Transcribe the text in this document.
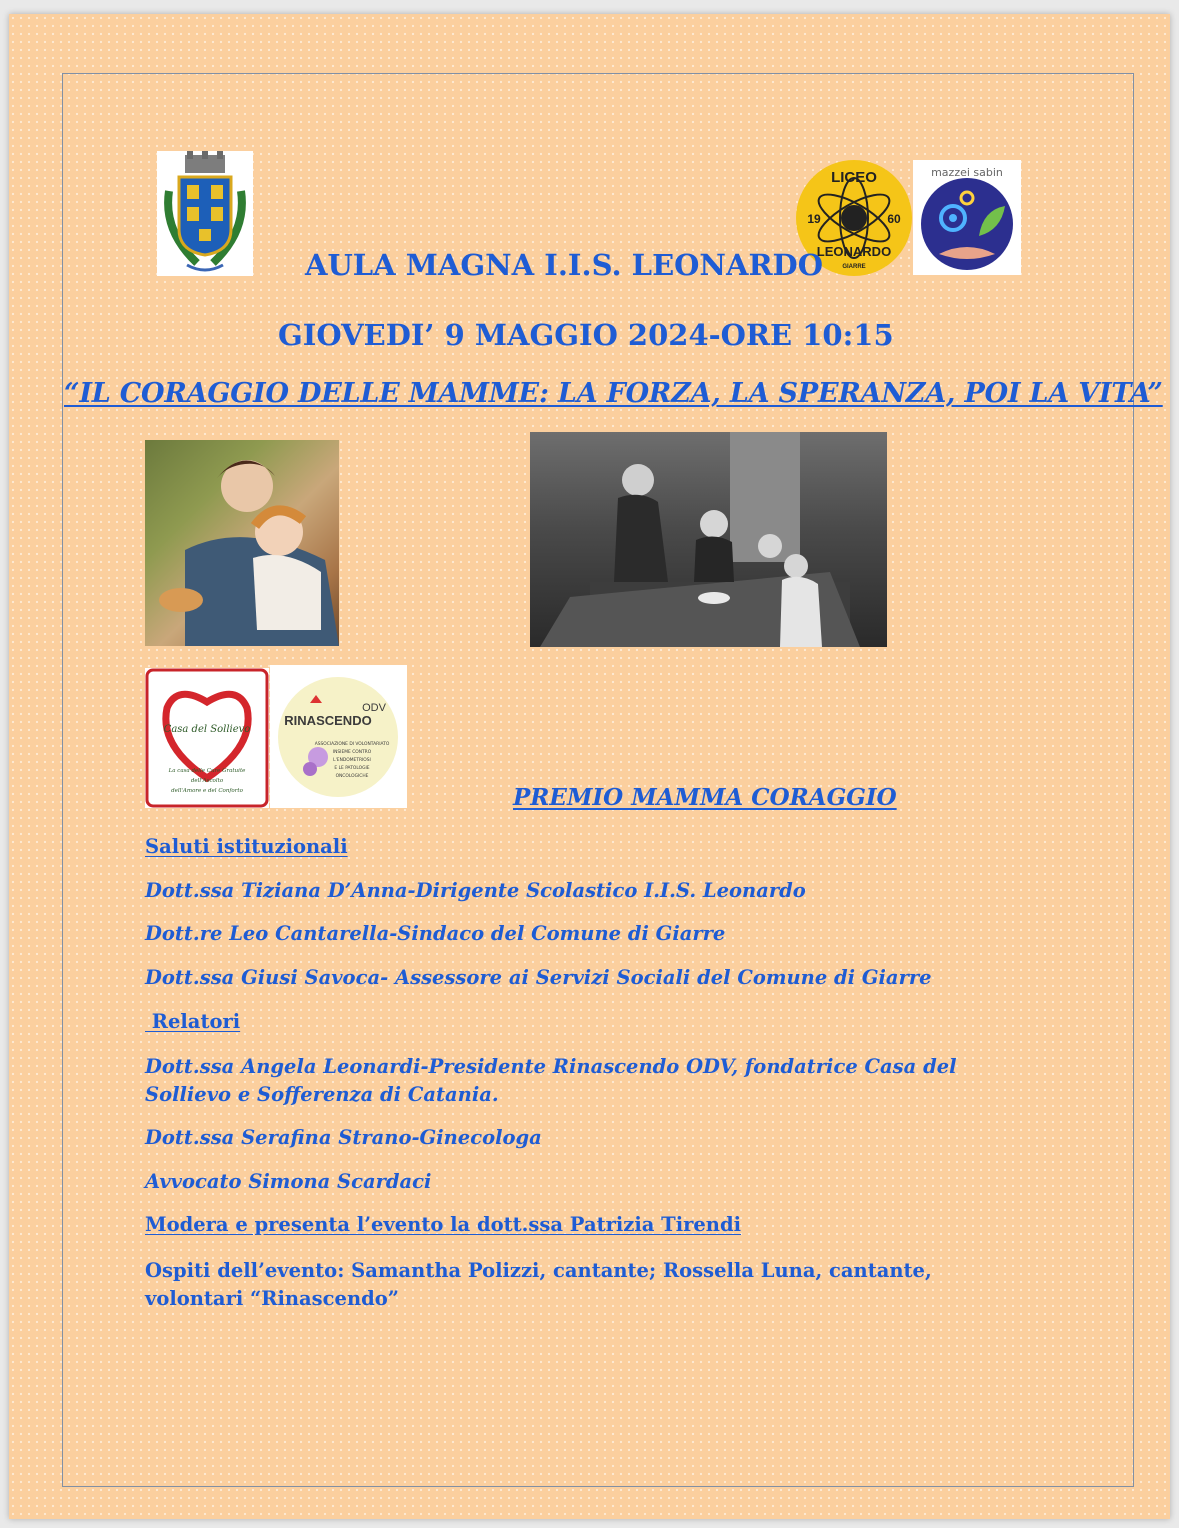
LICEO
19	60
LEONARDO
GIARRE
mazzei sabin
AULA MAGNA I.I.S. LEONARDO
GIOVEDI’ 9 MAGGIO 2024-ORE 10:15
“IL CORAGGIO DELLE MAMME: LA FORZA, LA SPERANZA, POI LA VITA”
Casa del Sollievo
La casa delle Cure Gratuite
dell'Ascolto
dell'Amore e del Conforto
RINASCENDO
ODV
ASSOCIAZIONE DI VOLONTARIATO
INSIEME CONTRO
L'ENDOMETRIOSI
E LE PATOLOGIE
ONCOLOGICHE
PREMIO MAMMA CORAGGIO
Saluti istituzionali
Dott.ssa Tiziana D’Anna-Dirigente Scolastico I.I.S. Leonardo
Dott.re Leo Cantarella-Sindaco del Comune di Giarre
Dott.ssa Giusi Savoca- Assessore ai Servizi Sociali del Comune di Giarre
Relatori
Dott.ssa Angela Leonardi-Presidente Rinascendo ODV, fondatrice Casa del Sollievo e Sofferenza di Catania.
Dott.ssa Serafina Strano-Ginecologa
Avvocato Simona Scardaci
Modera e presenta l’evento la dott.ssa Patrizia Tirendi
Ospiti dell’evento: Samantha Polizzi, cantante; Rossella Luna, cantante, volontari “Rinascendo”
